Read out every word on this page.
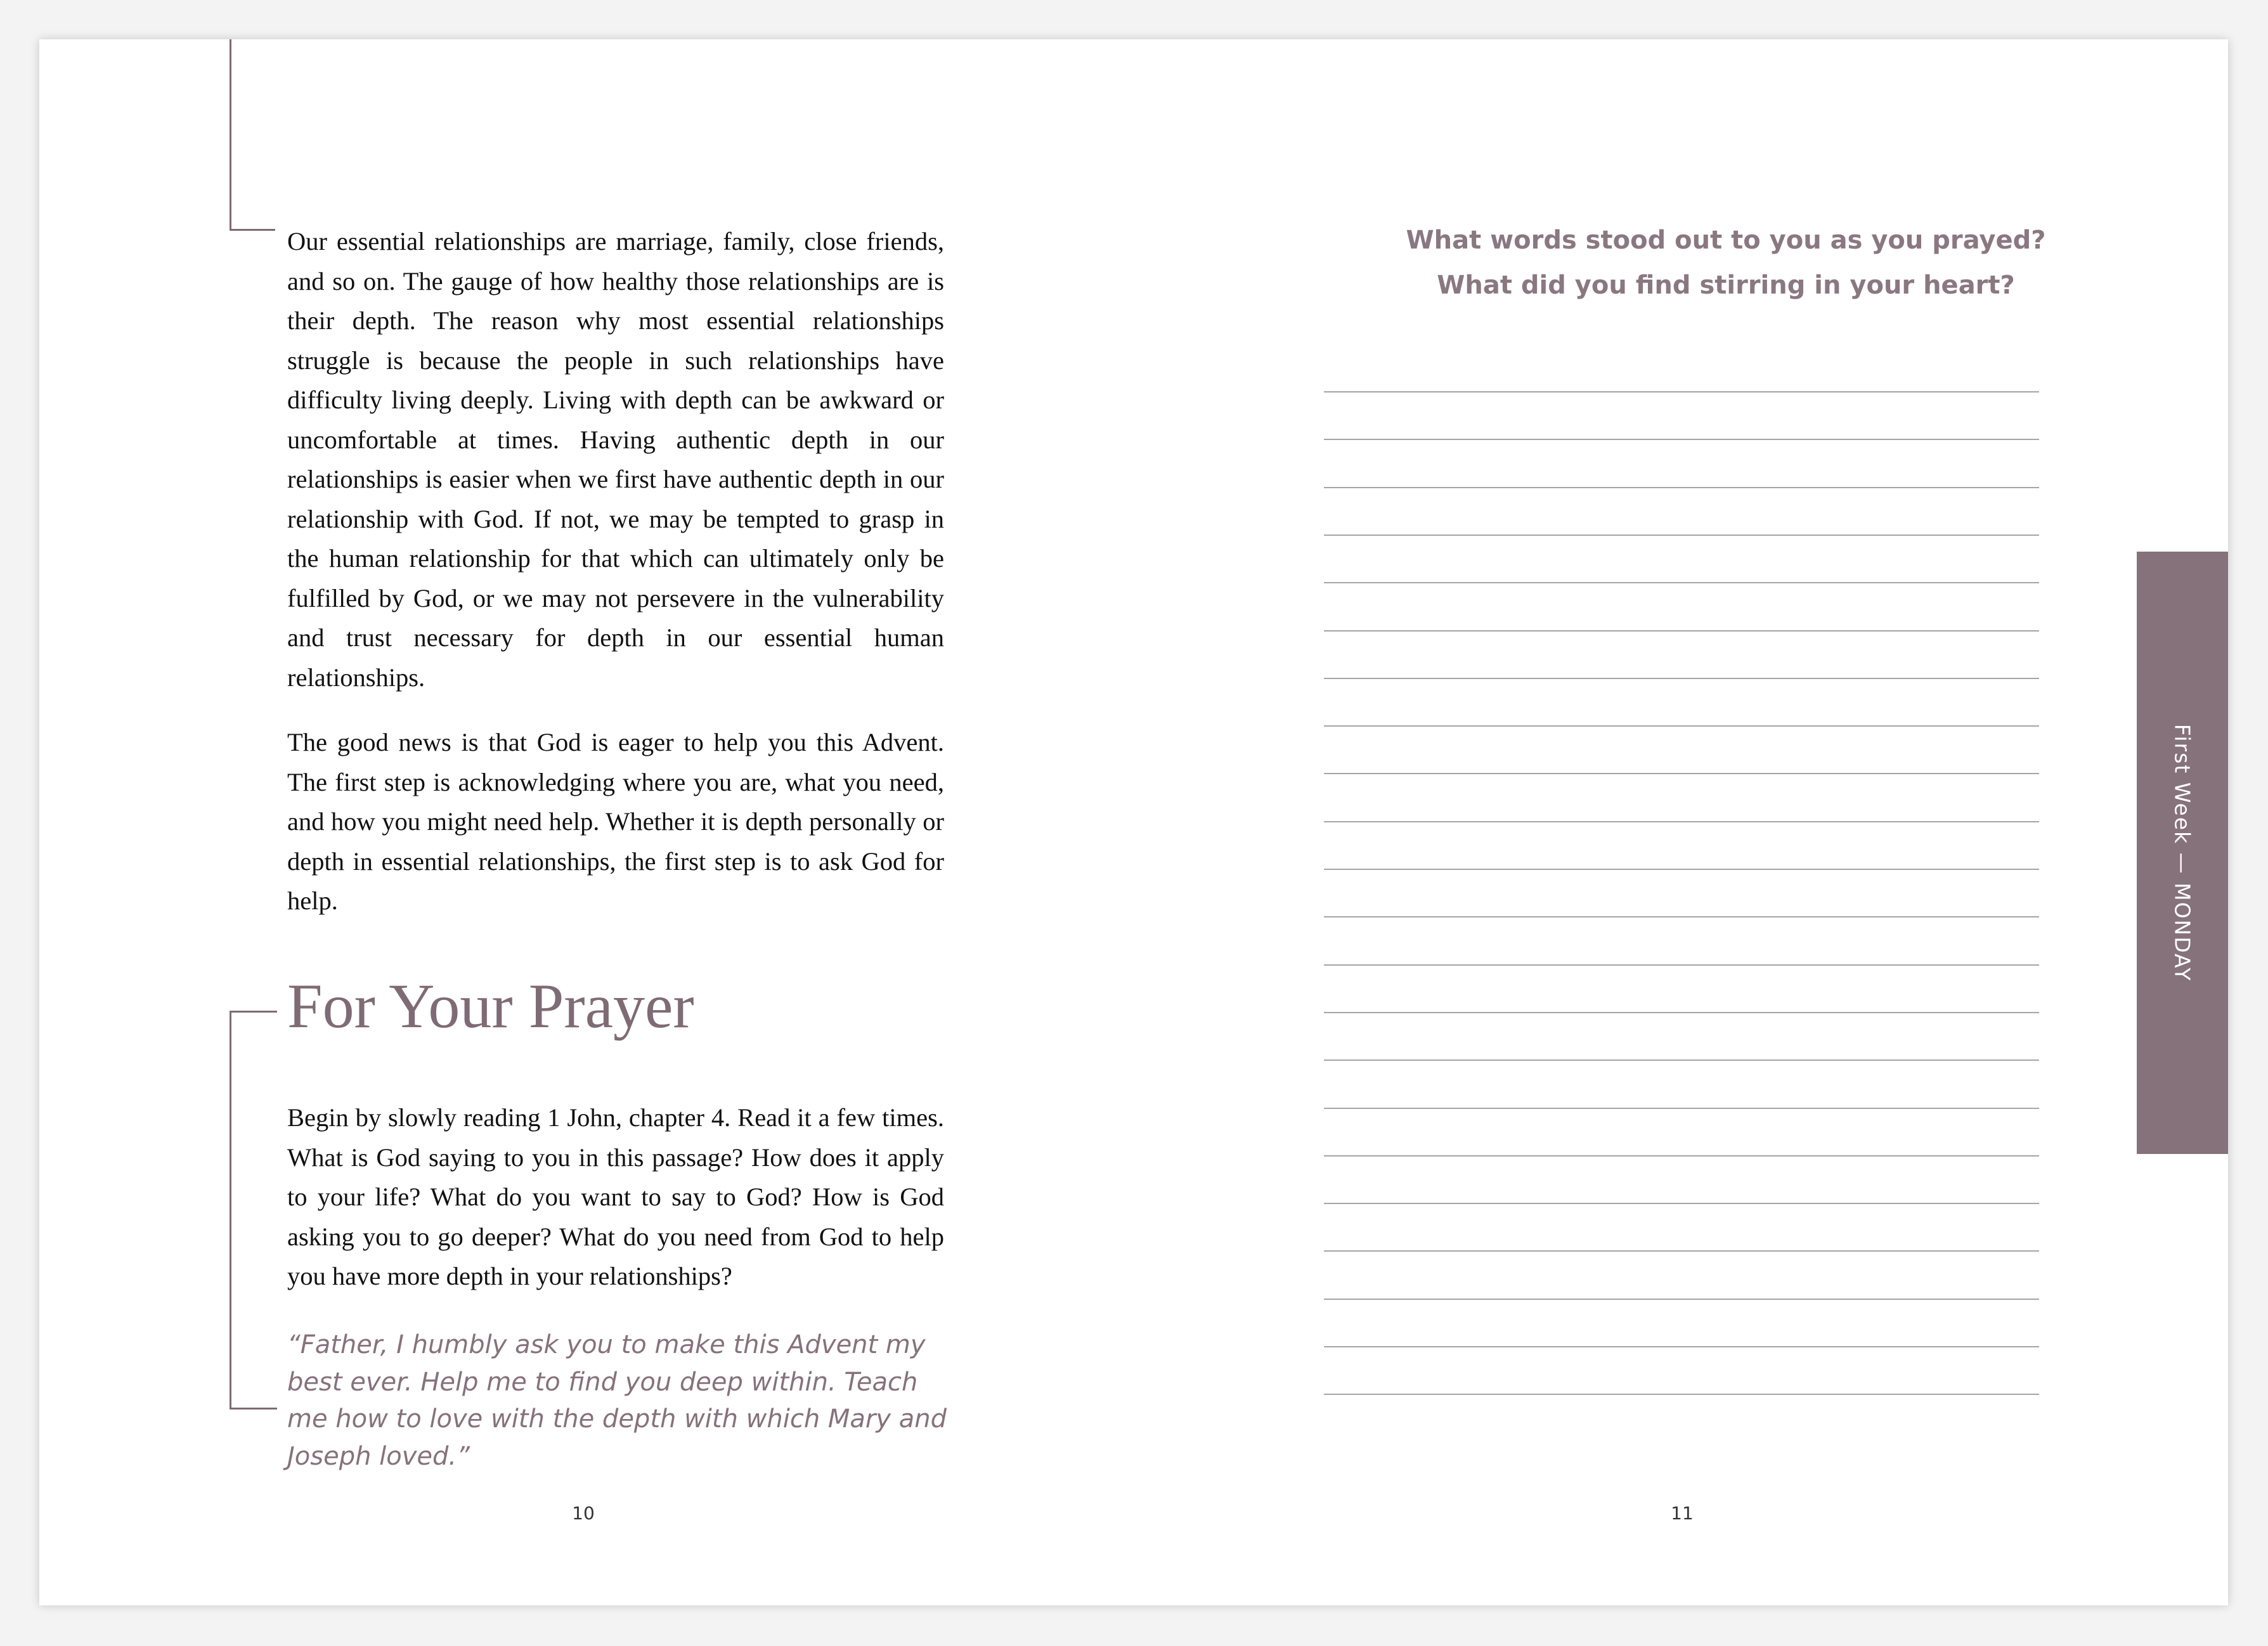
Our essential relationships are marriage, family, close friends, and so on. The gauge of how healthy those relationships are is their depth. The reason why most essential relationships struggle is because the people in such relationships have difficulty living deeply. Living with depth can be awkward or uncomfortable at times. Having authentic depth in our relationships is easier when we first have authentic depth in our relationship with God. If not, we may be tempted to grasp in the human relationship for that which can ultimately only be fulfilled by God, or we may not persevere in the vulnerability and trust necessary for depth in our essential human relationships.

The good news is that God is eager to help you this Advent. The first step is acknowledging where you are, what you need, and how you might need help. Whether it is depth personally or depth in essential relationships, the first step is to ask God for help.

For Your Prayer

Begin by slowly reading 1 John, chapter 4. Read it a few times. What is God saying to you in this passage? How does it apply to your life? What do you want to say to God? How is God asking you to go deeper? What do you need from God to help you have more depth in your relationships?

“Father, I humbly ask you to make this Advent my best ever. Help me to find you deep within. Teach me how to love with the depth with which Mary and Joseph loved.”

10
What words stood out to you as you prayed?
What did you find stirring in your heart?
11
First Week — MONDAY
